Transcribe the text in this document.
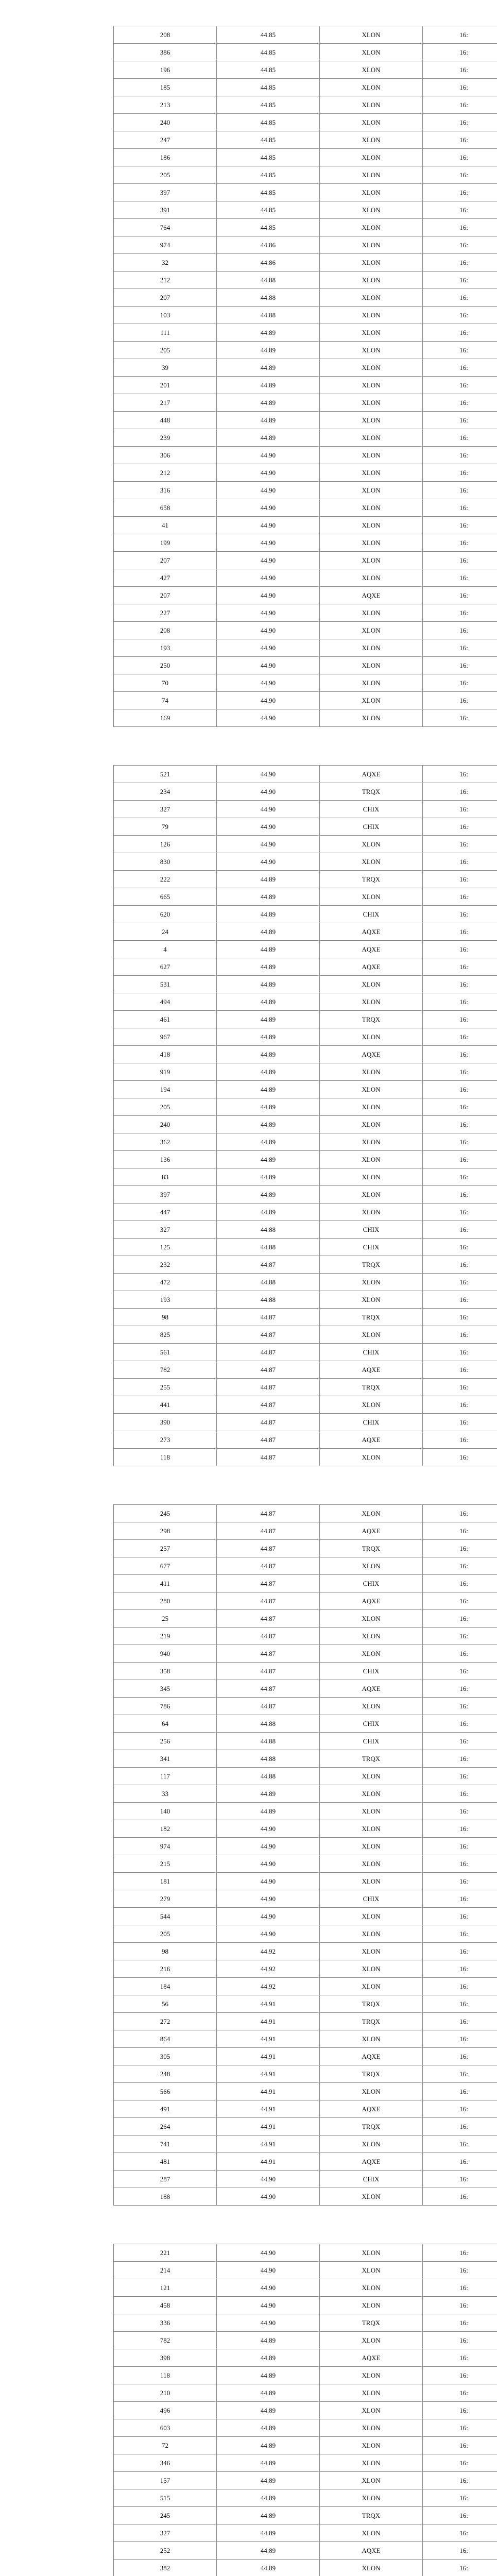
208	44.85	XLON	16:
386	44.85	XLON	16:
196	44.85	XLON	16:
185	44.85	XLON	16:
213	44.85	XLON	16:
240	44.85	XLON	16:
247	44.85	XLON	16:
186	44.85	XLON	16:
205	44.85	XLON	16:
397	44.85	XLON	16:
391	44.85	XLON	16:
764	44.85	XLON	16:
974	44.86	XLON	16:
32	44.86	XLON	16:
212	44.88	XLON	16:
207	44.88	XLON	16:
103	44.88	XLON	16:
111	44.89	XLON	16:
205	44.89	XLON	16:
39	44.89	XLON	16:
201	44.89	XLON	16:
217	44.89	XLON	16:
448	44.89	XLON	16:
239	44.89	XLON	16:
306	44.90	XLON	16:
212	44.90	XLON	16:
316	44.90	XLON	16:
658	44.90	XLON	16:
41	44.90	XLON	16:
199	44.90	XLON	16:
207	44.90	XLON	16:
427	44.90	XLON	16:
207	44.90	AQXE	16:
227	44.90	XLON	16:
208	44.90	XLON	16:
193	44.90	XLON	16:
250	44.90	XLON	16:
70	44.90	XLON	16:
74	44.90	XLON	16:
169	44.90	XLON	16:
521	44.90	AQXE	16:
234	44.90	TRQX	16:
327	44.90	CHIX	16:
79	44.90	CHIX	16:
126	44.90	XLON	16:
830	44.90	XLON	16:
222	44.89	TRQX	16:
665	44.89	XLON	16:
620	44.89	CHIX	16:
24	44.89	AQXE	16:
4	44.89	AQXE	16:
627	44.89	AQXE	16:
531	44.89	XLON	16:
494	44.89	XLON	16:
461	44.89	TRQX	16:
967	44.89	XLON	16:
418	44.89	AQXE	16:
919	44.89	XLON	16:
194	44.89	XLON	16:
205	44.89	XLON	16:
240	44.89	XLON	16:
362	44.89	XLON	16:
136	44.89	XLON	16:
83	44.89	XLON	16:
397	44.89	XLON	16:
447	44.89	XLON	16:
327	44.88	CHIX	16:
125	44.88	CHIX	16:
232	44.87	TRQX	16:
472	44.88	XLON	16:
193	44.88	XLON	16:
98	44.87	TRQX	16:
825	44.87	XLON	16:
561	44.87	CHIX	16:
782	44.87	AQXE	16:
255	44.87	TRQX	16:
441	44.87	XLON	16:
390	44.87	CHIX	16:
273	44.87	AQXE	16:
118	44.87	XLON	16:
245	44.87	XLON	16:
298	44.87	AQXE	16:
257	44.87	TRQX	16:
677	44.87	XLON	16:
411	44.87	CHIX	16:
280	44.87	AQXE	16:
25	44.87	XLON	16:
219	44.87	XLON	16:
940	44.87	XLON	16:
358	44.87	CHIX	16:
345	44.87	AQXE	16:
786	44.87	XLON	16:
64	44.88	CHIX	16:
256	44.88	CHIX	16:
341	44.88	TRQX	16:
117	44.88	XLON	16:
33	44.89	XLON	16:
140	44.89	XLON	16:
182	44.90	XLON	16:
974	44.90	XLON	16:
215	44.90	XLON	16:
181	44.90	XLON	16:
279	44.90	CHIX	16:
544	44.90	XLON	16:
205	44.90	XLON	16:
98	44.92	XLON	16:
216	44.92	XLON	16:
184	44.92	XLON	16:
56	44.91	TRQX	16:
272	44.91	TRQX	16:
864	44.91	XLON	16:
305	44.91	AQXE	16:
248	44.91	TRQX	16:
566	44.91	XLON	16:
491	44.91	AQXE	16:
264	44.91	TRQX	16:
741	44.91	XLON	16:
481	44.91	AQXE	16:
287	44.90	CHIX	16:
188	44.90	XLON	16:
221	44.90	XLON	16:
214	44.90	XLON	16:
121	44.90	XLON	16:
458	44.90	XLON	16:
336	44.90	TRQX	16:
782	44.89	XLON	16:
398	44.89	AQXE	16:
118	44.89	XLON	16:
210	44.89	XLON	16:
496	44.89	XLON	16:
603	44.89	XLON	16:
72	44.89	XLON	16:
346	44.89	XLON	16:
157	44.89	XLON	16:
515	44.89	XLON	16:
245	44.89	TRQX	16:
327	44.89	XLON	16:
252	44.89	AQXE	16:
382	44.89	XLON	16:
